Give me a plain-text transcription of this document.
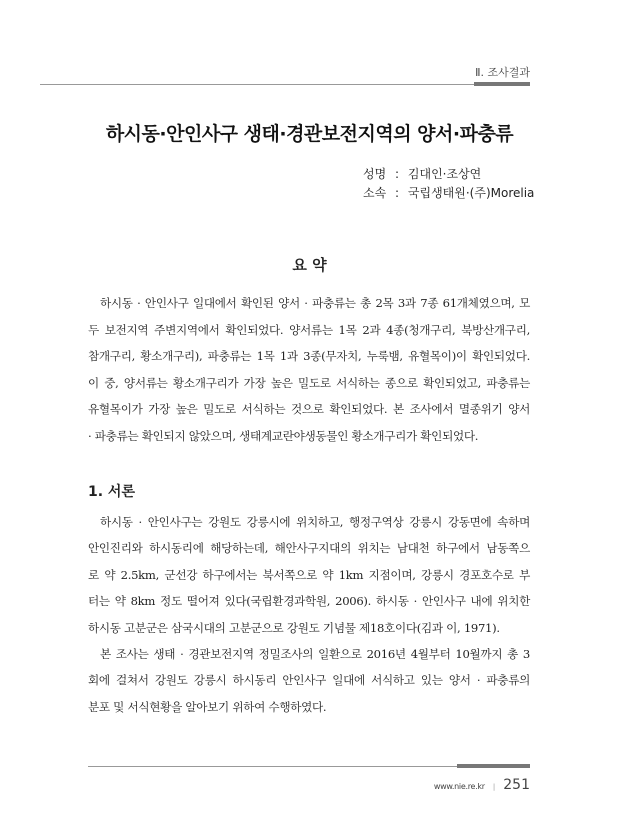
Ⅱ. 조사결과
하시동·안인사구 생태·경관보전지역의 양서·파충류
성명 : 김대인·조상연
소속 : 국립생태원·(주)Morelia
요 약
하시동 · 안인사구 일대에서 확인된 양서 · 파충류는 총 2목 3과 7종 61개체였으며, 모
두 보전지역 주변지역에서 확인되었다. 양서류는 1목 2과 4종(청개구리, 북방산개구리,
참개구리, 황소개구리), 파충류는 1목 1과 3종(무자치, 누룩뱀, 유혈목이)이 확인되었다.
이 중, 양서류는 황소개구리가 가장 높은 밀도로 서식하는 종으로 확인되었고, 파충류는
유혈목이가 가장 높은 밀도로 서식하는 것으로 확인되었다. 본 조사에서 멸종위기 양서
· 파충류는 확인되지 않았으며, 생태계교란야생동물인 황소개구리가 확인되었다.
1. 서론
하시동 · 안인사구는 강원도 강릉시에 위치하고, 행정구역상 강릉시 강동면에 속하며
안인진리와 하시동리에 해당하는데, 해안사구지대의 위치는 남대천 하구에서 남동쪽으
로 약 2.5km, 군선강 하구에서는 북서쪽으로 약 1km 지점이며, 강릉시 경포호수로 부
터는 약 8km 정도 떨어져 있다(국립환경과학원, 2006). 하시동 · 안인사구 내에 위치한
하시동 고분군은 삼국시대의 고분군으로 강원도 기념물 제18호이다(김과 이, 1971).
본 조사는 생태 · 경관보전지역 정밀조사의 일환으로 2016년 4월부터 10월까지 총 3
회에 걸쳐서 강원도 강릉시 하시동리 안인사구 일대에 서식하고 있는 양서 · 파충류의
분포 및 서식현황을 알아보기 위하여 수행하였다.
www.nie.re.kr | 251
